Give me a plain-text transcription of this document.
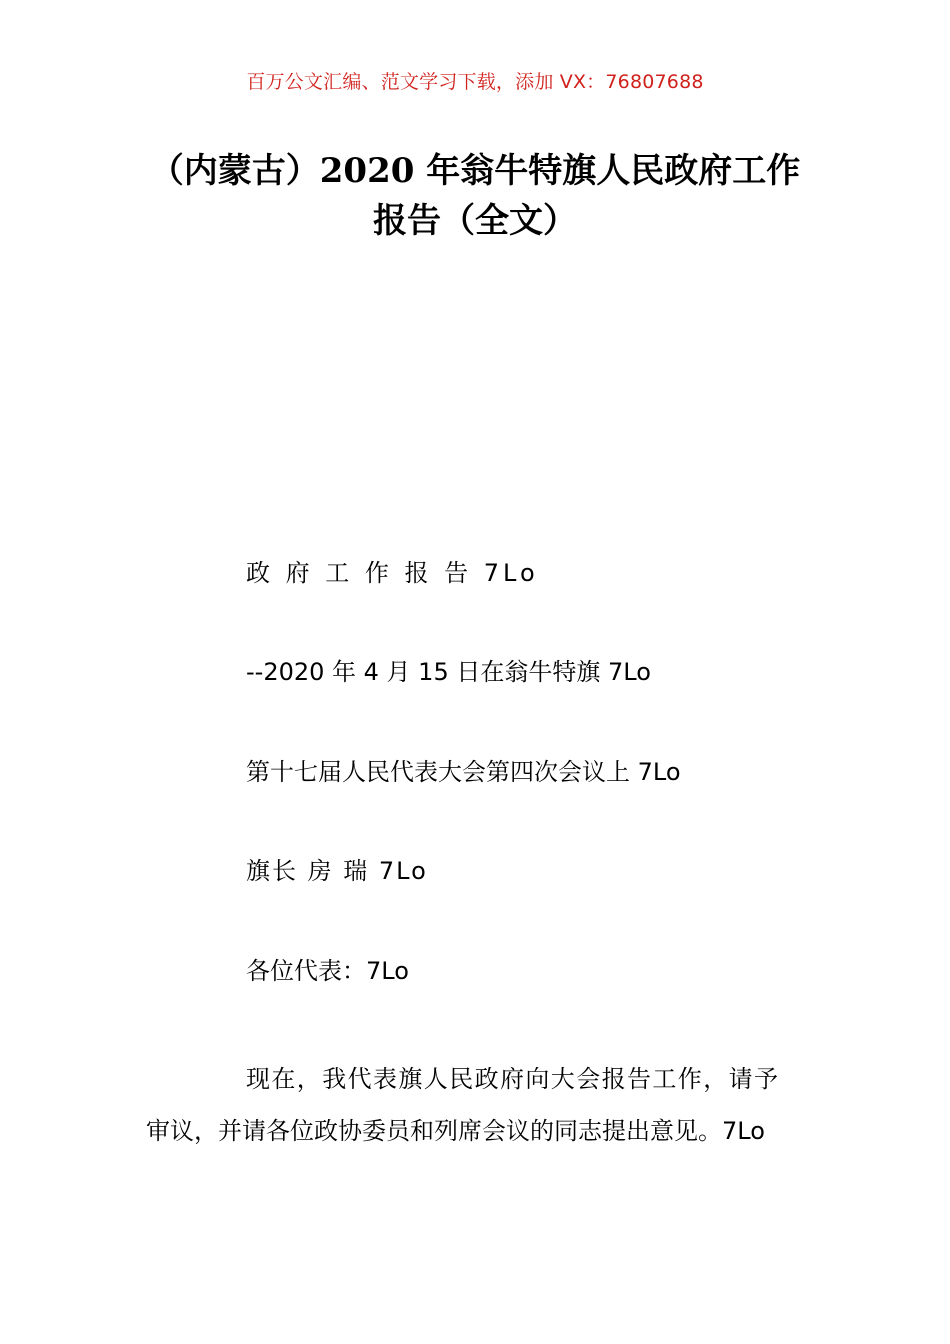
百万公文汇编、范文学习下载，添加 VX：76807688
（内蒙古）2020 年翁牛特旗人民政府工作
报告（全文）

政 府 工 作 报 告 7Lo

--2020 年 4 月 15 日在翁牛特旗 7Lo

第十七届人民代表大会第四次会议上 7Lo

旗长 房 瑞 7Lo

各位代表：7Lo

现在，我代表旗人民政府向大会报告工作，请予
审议，并请各位政协委员和列席会议的同志提出意见。7Lo
